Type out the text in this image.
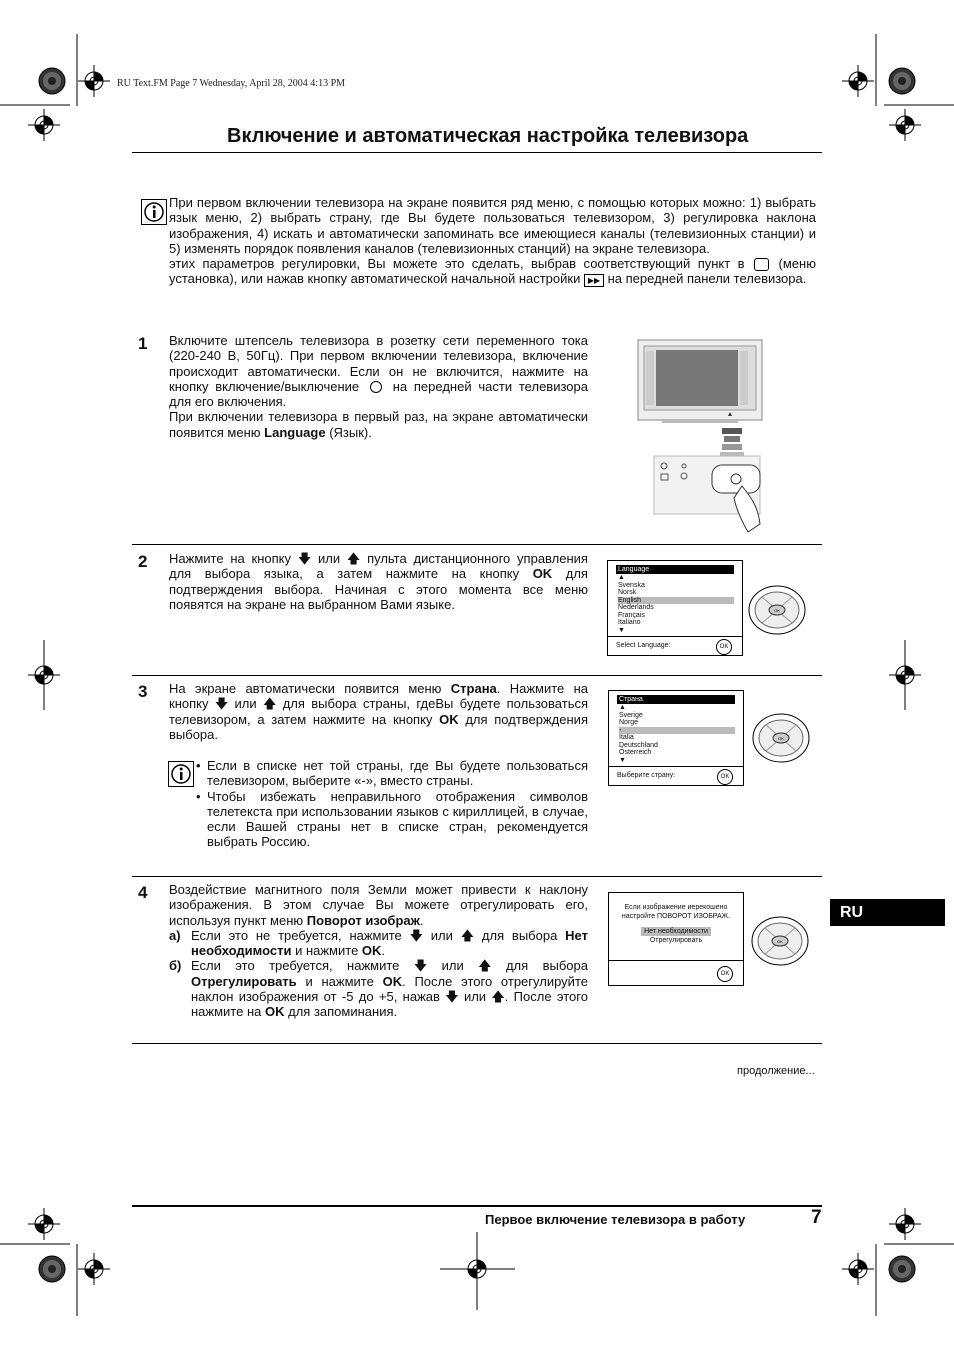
RU Text.FM Page 7 Wednesday, April 28, 2004 4:13 PM
Включение и автоматическая настройка телевизора
При первом включении телевизора на экране появится ряд меню, с помощью которых можно: 1) выбрать язык меню, 2) выбрать страну, где Вы будете пользоваться телевизором, 3) регулировка наклона изображения, 4) искать и автоматически запоминать все имеющиеся каналы (телевизионных станции) и 5) изменять порядок появления каналов (телевизионных станций) на экране телевизора.
этих параметров регулировки, Вы можете это сделать, выбрав соответствующий пункт в	(меню установка), или нажав кнопку автоматической начальной настройки ▶▶ на передней панели телевизора.
1 Включите штепсель телевизора в розетку сети переменного тока (220-240 В, 50Гц). При первом включении телевизора, включение происходит автоматически. Если он не включится, нажмите на кнопку включение/выключение	на передней части телевизора для его включения.
При включении телевизора в первый раз, на экране автоматически появится меню Language (Язык).
2 Нажмите на кнопку 🡇 или 🡅 пульта дистанционного управления для выбора языка, а затем нажмите на кнопку OK для подтверждения выбора. Начиная с этого момента все меню появятся на экране на выбранном Вами языке.
Language
▲
Svenska
Norsk
English
Nederlands
Français
Italiano
▼
Select Language:	OK
OK
3 На экране автоматически появится меню Страна. Нажмите на кнопку 🡇 или 🡅 для выбора страны, гдеВы будете пользоваться телевизором, а затем нажмите на кнопку OK для подтверждения выбора.
• Если в списке нет той страны, где Вы будете пользоваться телевизором, выберите «-», вместо страны.
• Чтобы избежать неправильного отображения символов телетекста при использовании языков с кириллицей, в случае, если Вашей страны нет в списке стран, рекомендуется выбрать Россию.
Страна
▲
Sverige
Norge
-
Italia
Deutschland
Österreich
▼
Выберите страну:	OK
OK
4 Воздействие магнитного поля Земли может привести к наклону изображения. В этом случае Вы можете отрегулировать его, используя пункт меню Поворот изображ.
а) Если это не требуется, нажмите 🡇 или 🡅 для выбора Нет необходимости и нажмите OK.
б) Если это требуется, нажмите 🡇 или 🡅 для выбора Отрегулировать и нажмите OK. После этого отрегулируйте наклон изображения от -5 до +5, нажав 🡇 или 🡅. После этого нажмите на OK для запоминания.
Если изображение иерекошено
настройте ПОВОРОТ ИЗОБРАЖ.
Нет необходимости
Отрегулировать
OK
OK
RU
продолжение...
Первое включение телевизора в работу	7
